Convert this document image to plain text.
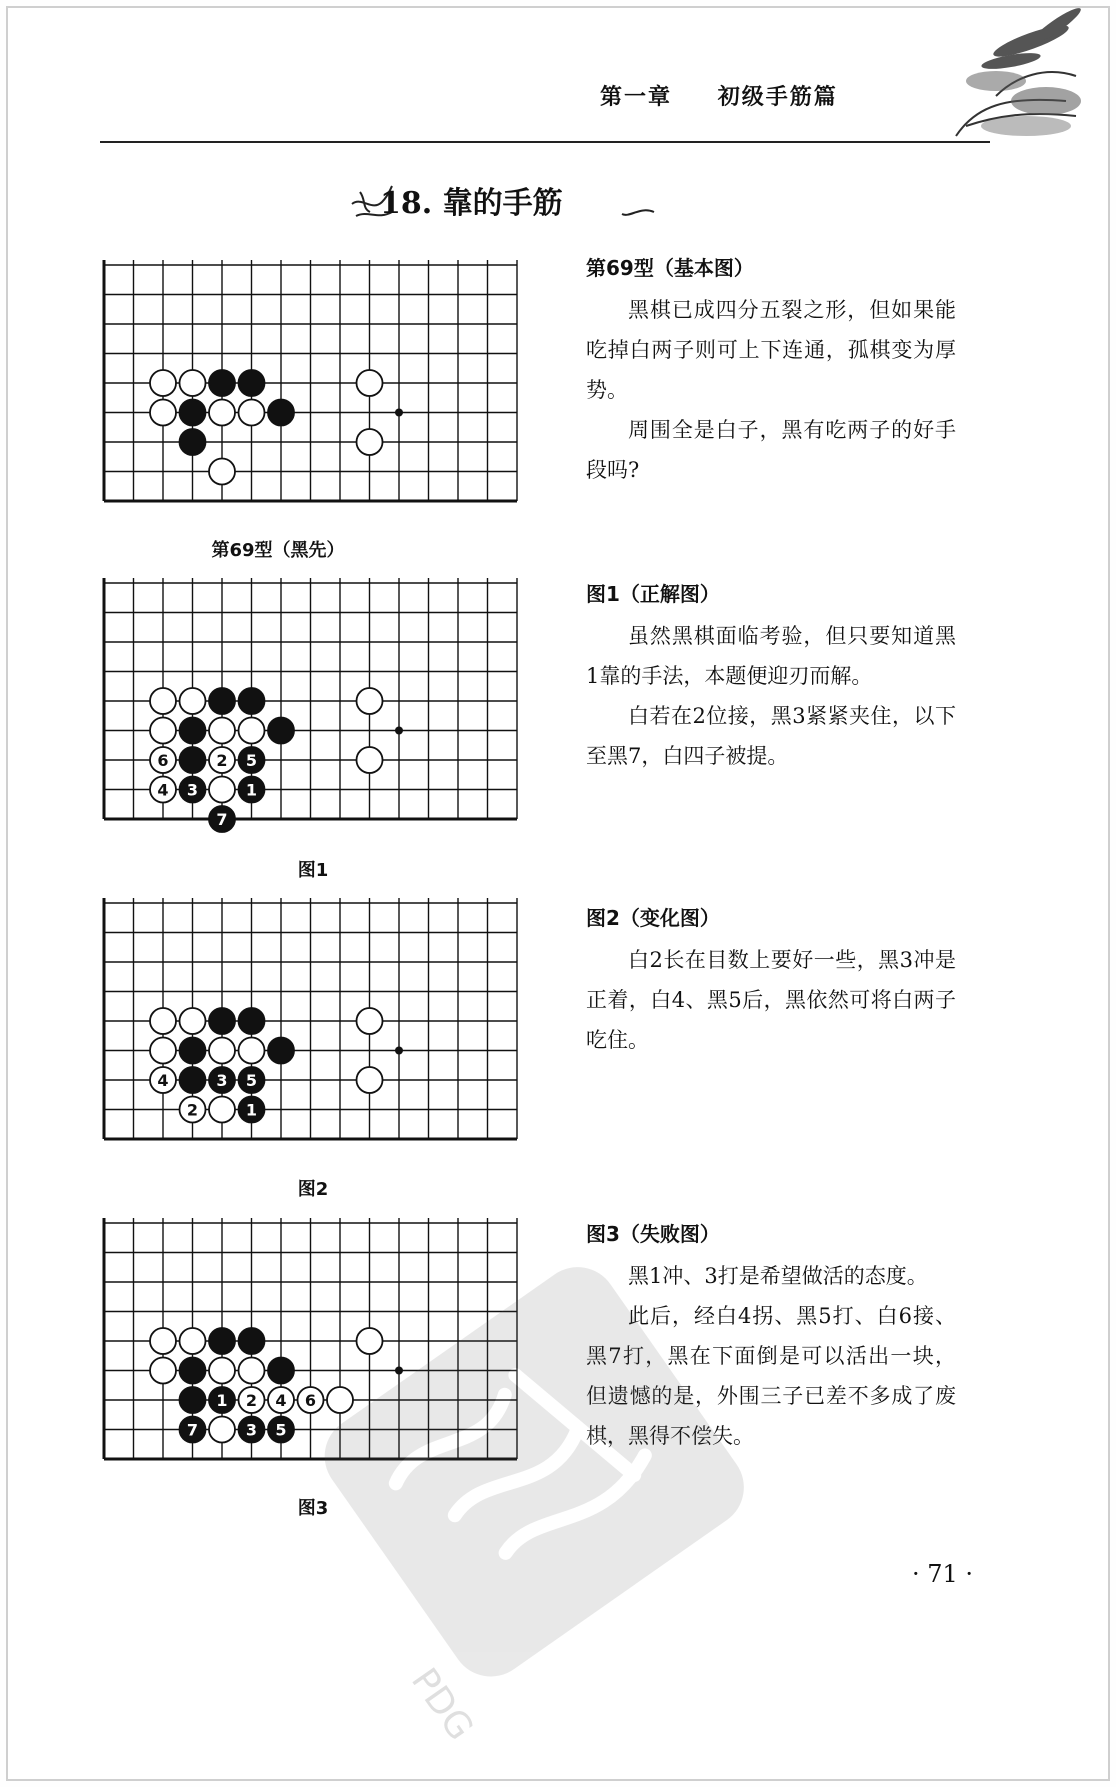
第一章 初级手筋篇
18. 靠的手筋
第69型（黑先）
6	2 5
4 3	1
7
图1
4	3 5
2	1
图2
1 2 4 6
7	3 5
图3
第69型（基本图）

黑棋已成四分五裂之形，但如果能吃掉白两子则可上下连通，孤棋变为厚势。

周围全是白子，黑有吃两子的好手段吗?

图1（正解图）

虽然黑棋面临考验，但只要知道黑1靠的手法，本题便迎刃而解。

白若在2位接，黑3紧紧夹住，以下至黑7，白四子被提。

图2（变化图）

白2长在目数上要好一些，黑3冲是正着，白4、黑5后，黑依然可将白两子吃住。

图3（失败图）

黑1冲、3打是希望做活的态度。

此后，经白4拐、黑5打、白6接、黑7打，黑在下面倒是可以活出一块，但遗憾的是，外围三子已差不多成了废棋，黑得不偿失。

· 71 ·
